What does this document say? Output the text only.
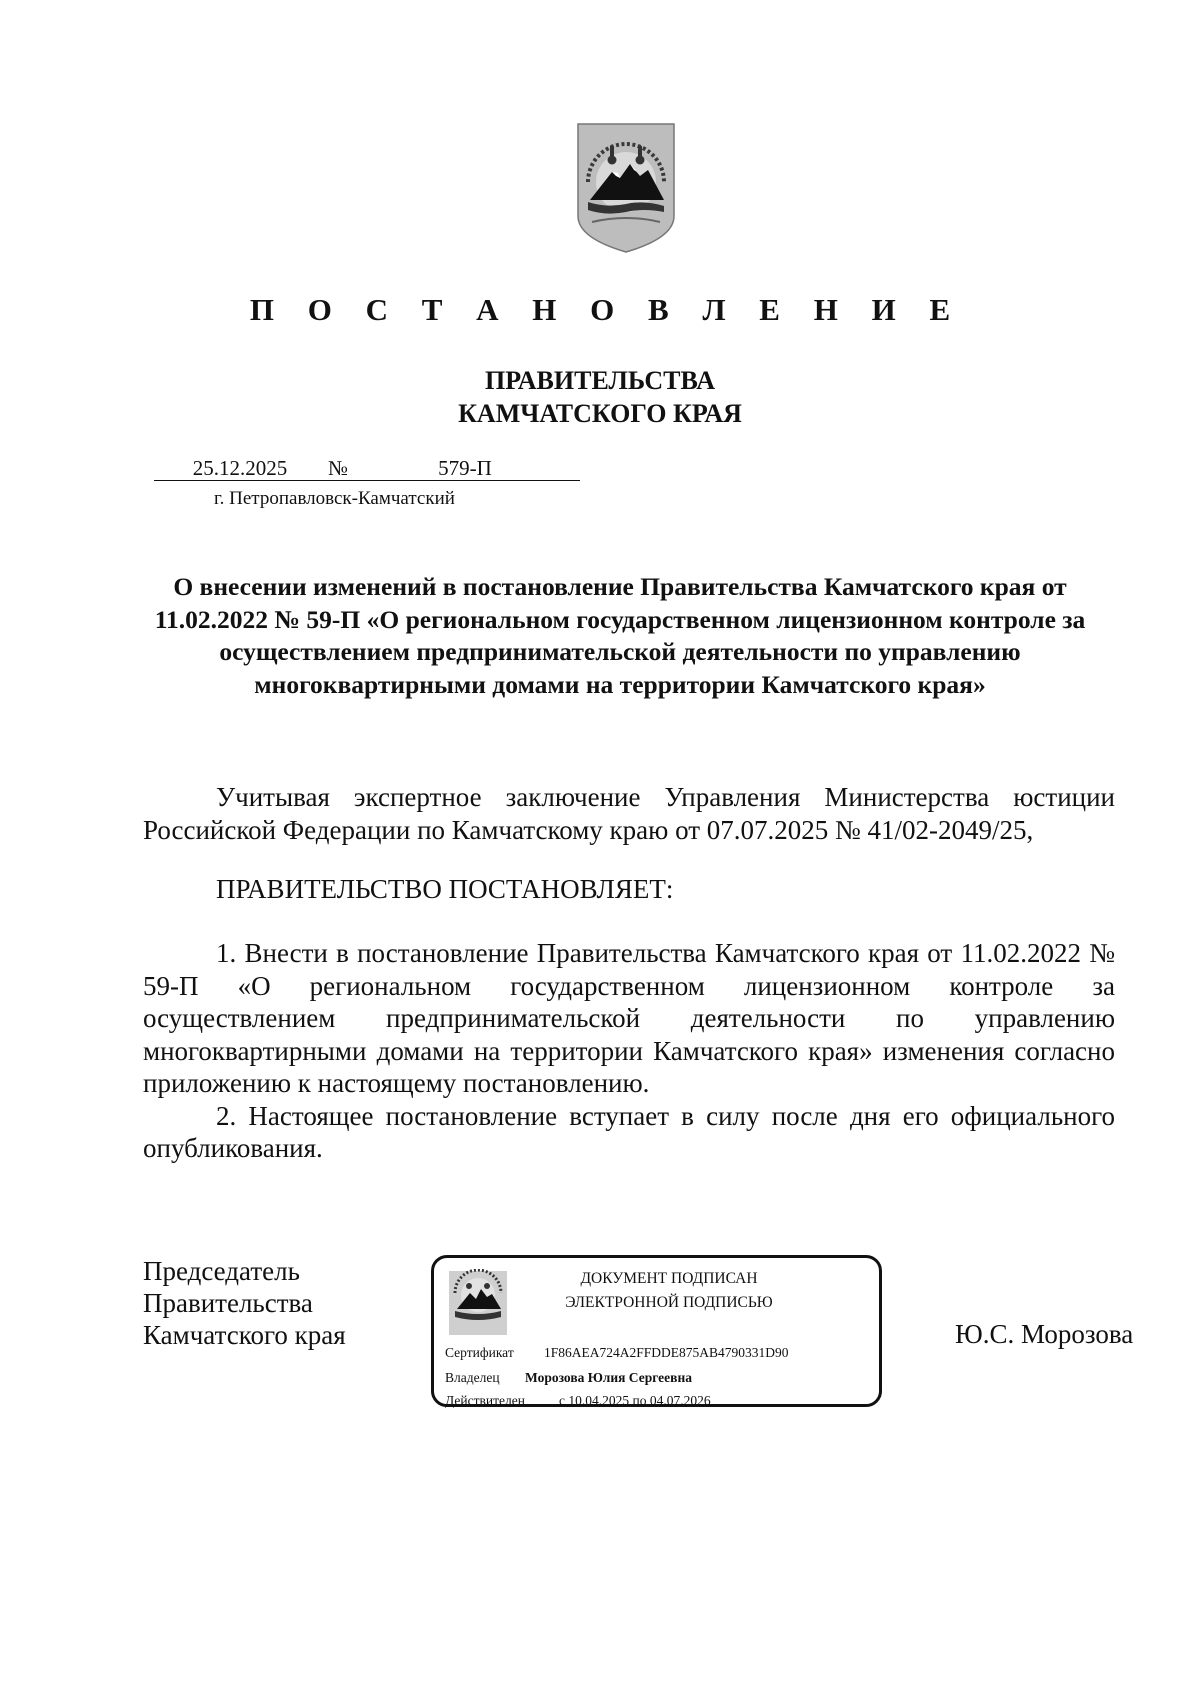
П О С Т А Н О В Л Е Н И Е
ПРАВИТЕЛЬСТВА
КАМЧАТСКОГО КРАЯ
25.12.2025	№	579-П
г. Петропавловск-Камчатский
О внесении изменений в постановление Правительства Камчатского края от 11.02.2022 № 59-П «О региональном государственном лицензионном контроле за осуществлением предпринимательской деятельности по управлению многоквартирными домами на территории Камчатского края»

Учитывая экспертное заключение Управления Министерства юстиции Российской Федерации по Камчатскому краю от 07.07.2025 № 41/02-2049/25,

ПРАВИТЕЛЬСТВО ПОСТАНОВЛЯЕТ:

1. Внести в постановление Правительства Камчатского края от 11.02.2022 № 59-П «О региональном государственном лицензионном контроле за осуществлением предпринимательской деятельности по управлению многоквартирными домами на территории Камчатского края» изменения согласно приложению к настоящему постановлению.

2. Настоящее постановление вступает в силу после дня его официального опубликования.

Председатель
Правительства
Камчатского края
ДОКУМЕНТ ПОДПИСАН
ЭЛЕКТРОННОЙ ПОДПИСЬЮ
Сертификат 1F86AEA724A2FFDDE875AB4790331D90
Владелец Морозова Юлия Сергеевна
Действителен	с 10.04.2025 по 04.07.2026
Ю.С. Морозова
